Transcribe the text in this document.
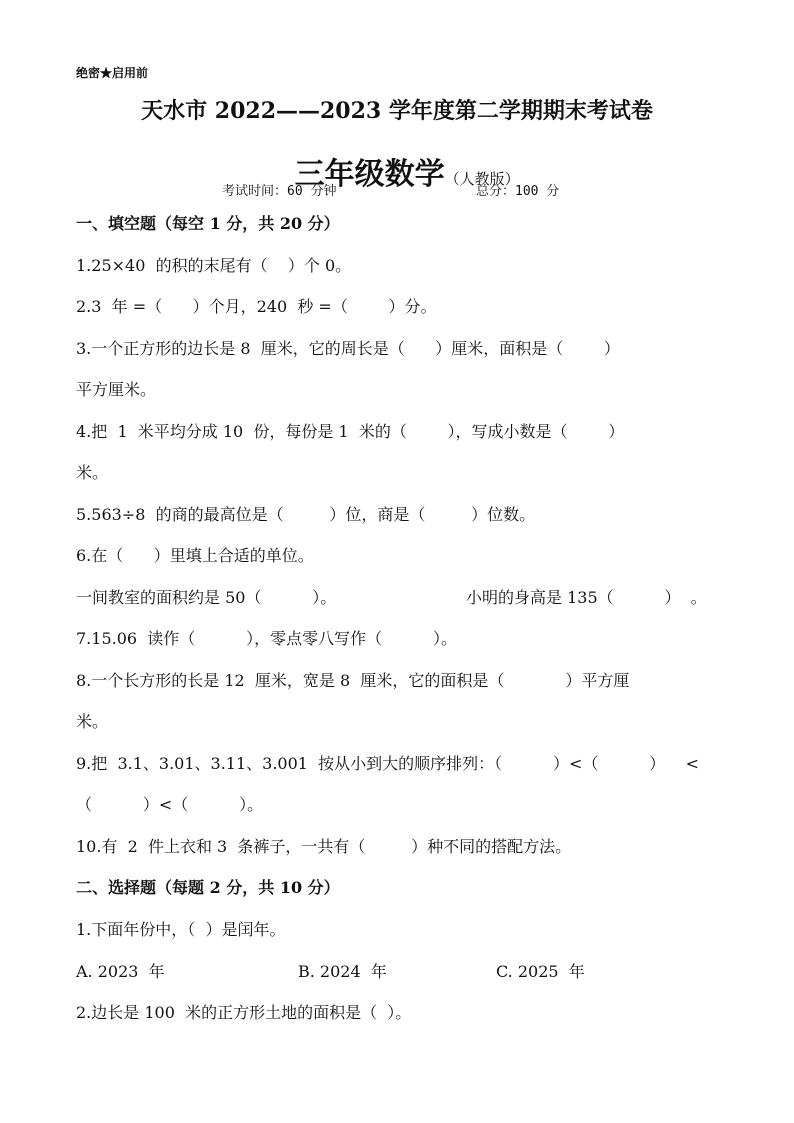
绝密★启用前
天水市 2022——2023 学年度第二学期期末考试卷

三年级数学（人教版）

考试时间：60 分钟	总分：100 分
一、填空题（每空 1 分，共 20 分）
1.25×40  的积的末尾有（    ）个 0。
2.3  年 =（      ）个月，240  秒 =（        ）分。
3.一个正方形的边长是 8  厘米，它的周长是（      ）厘米，面积是（        ）
平方厘米。
4.把  1  米平均分成 10  份，每份是 1  米的（        ），写成小数是（        ）
米。
5.563÷8  的商的最高位是（         ）位，商是（         ）位数。
6.在（      ）里填上合适的单位。
一间教室的面积约是 50（          ）。	小明的身高是 135（          ）  。
7.15.06  读作（          ），零点零八写作（          ）。
8.一个长方形的长是 12  厘米，宽是 8  厘米，它的面积是（            ）平方厘
米。
9.把  3.1、3.01、3.11、3.001  按从小到大的顺序排列：（          ）<（          ）    <
（          ）<（          ）。
10.有  2  件上衣和 3  条裤子，一共有（         ）种不同的搭配方法。
二、选择题（每题 2 分，共 10 分）
1.下面年份中，（  ）是闰年。
A. 2023  年	B. 2024  年	C. 2025  年
2.边长是 100  米的正方形土地的面积是（  ）。
